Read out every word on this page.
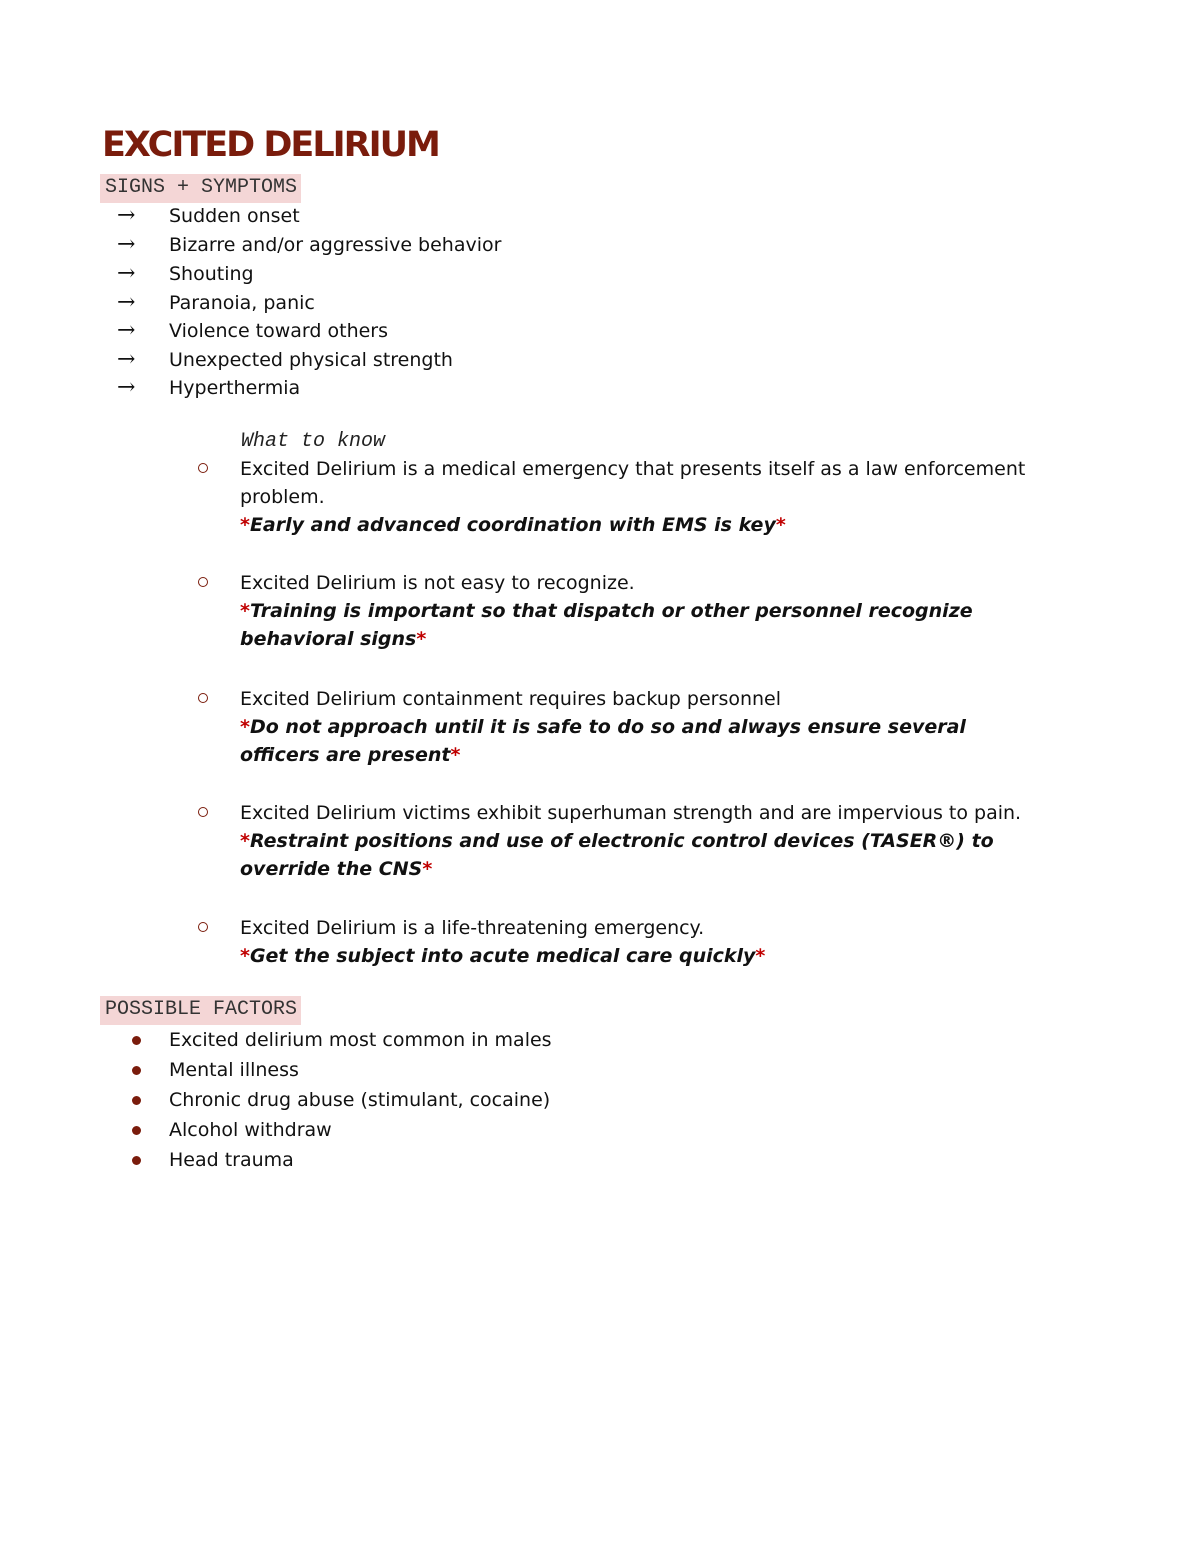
EXCITED DELIRIUM
SIGNS + SYMPTOMS
→	Sudden onset
→	Bizarre and/or aggressive behavior
→	Shouting
→	Paranoia, panic
→	Violence toward others
→	Unexpected physical strength
→	Hyperthermia
What to know
Excited Delirium is a medical emergency that presents itself as a law enforcement problem.
*Early and advanced coordination with EMS is key*
Excited Delirium is not easy to recognize.
*Training is important so that dispatch or other personnel recognize behavioral signs*
Excited Delirium containment requires backup personnel
*Do not approach until it is safe to do so and always ensure several officers are present*
Excited Delirium victims exhibit superhuman strength and are impervious to pain.
*Restraint positions and use of electronic control devices (TASER®) to override the CNS*
Excited Delirium is a life-threatening emergency.
*Get the subject into acute medical care quickly*
POSSIBLE FACTORS
Excited delirium most common in males
Mental illness
Chronic drug abuse (stimulant, cocaine)
Alcohol withdraw
Head trauma
